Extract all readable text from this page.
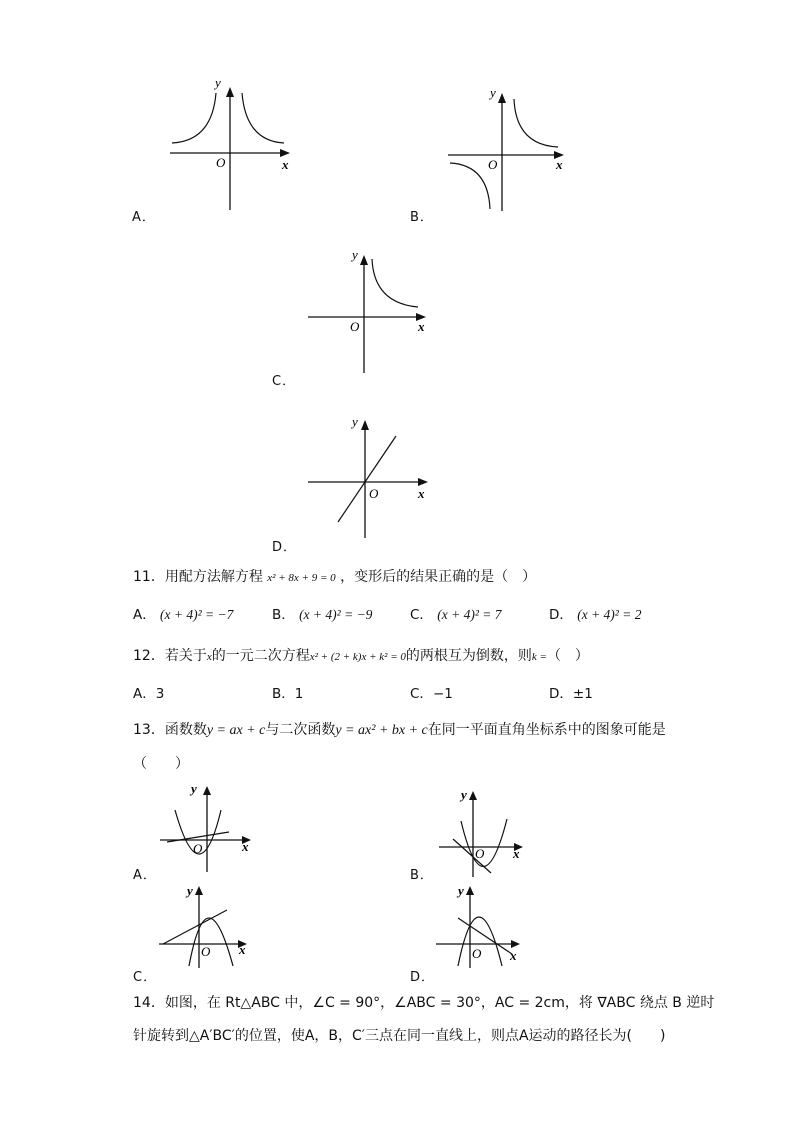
y
O	x
A．
y
O	x
B．
y
O	x
C．
y
O	x
D．
11．用配方法解方程 x² + 8x + 9 = 0 ，变形后的结果正确的是（　）
A． (x + 4)² = −7	B． (x + 4)² = −9	C． (x + 4)² = 7	D． (x + 4)² = 2
12．若关于x的一元二次方程x² + (2 + k)x + k² = 0的两根互为倒数，则k =（　）
A．3	B．1	C．−1	D．±1
13．函数数y = ax + c与二次函数y = ax² + bx + c在同一平面直角坐标系中的图象可能是
（　　）
y
O	x
A．
y
O x
B．
y
O x
C．
y
O x
D．
14．如图，在 Rt△ABC 中，∠C = 90°，∠ABC = 30°，AC = 2cm，将 ∇ABC 绕点 B 逆时
针旋转到△A′BC′的位置，使A，B，C′三点在同一直线上，则点A运动的路径长为(　　)
